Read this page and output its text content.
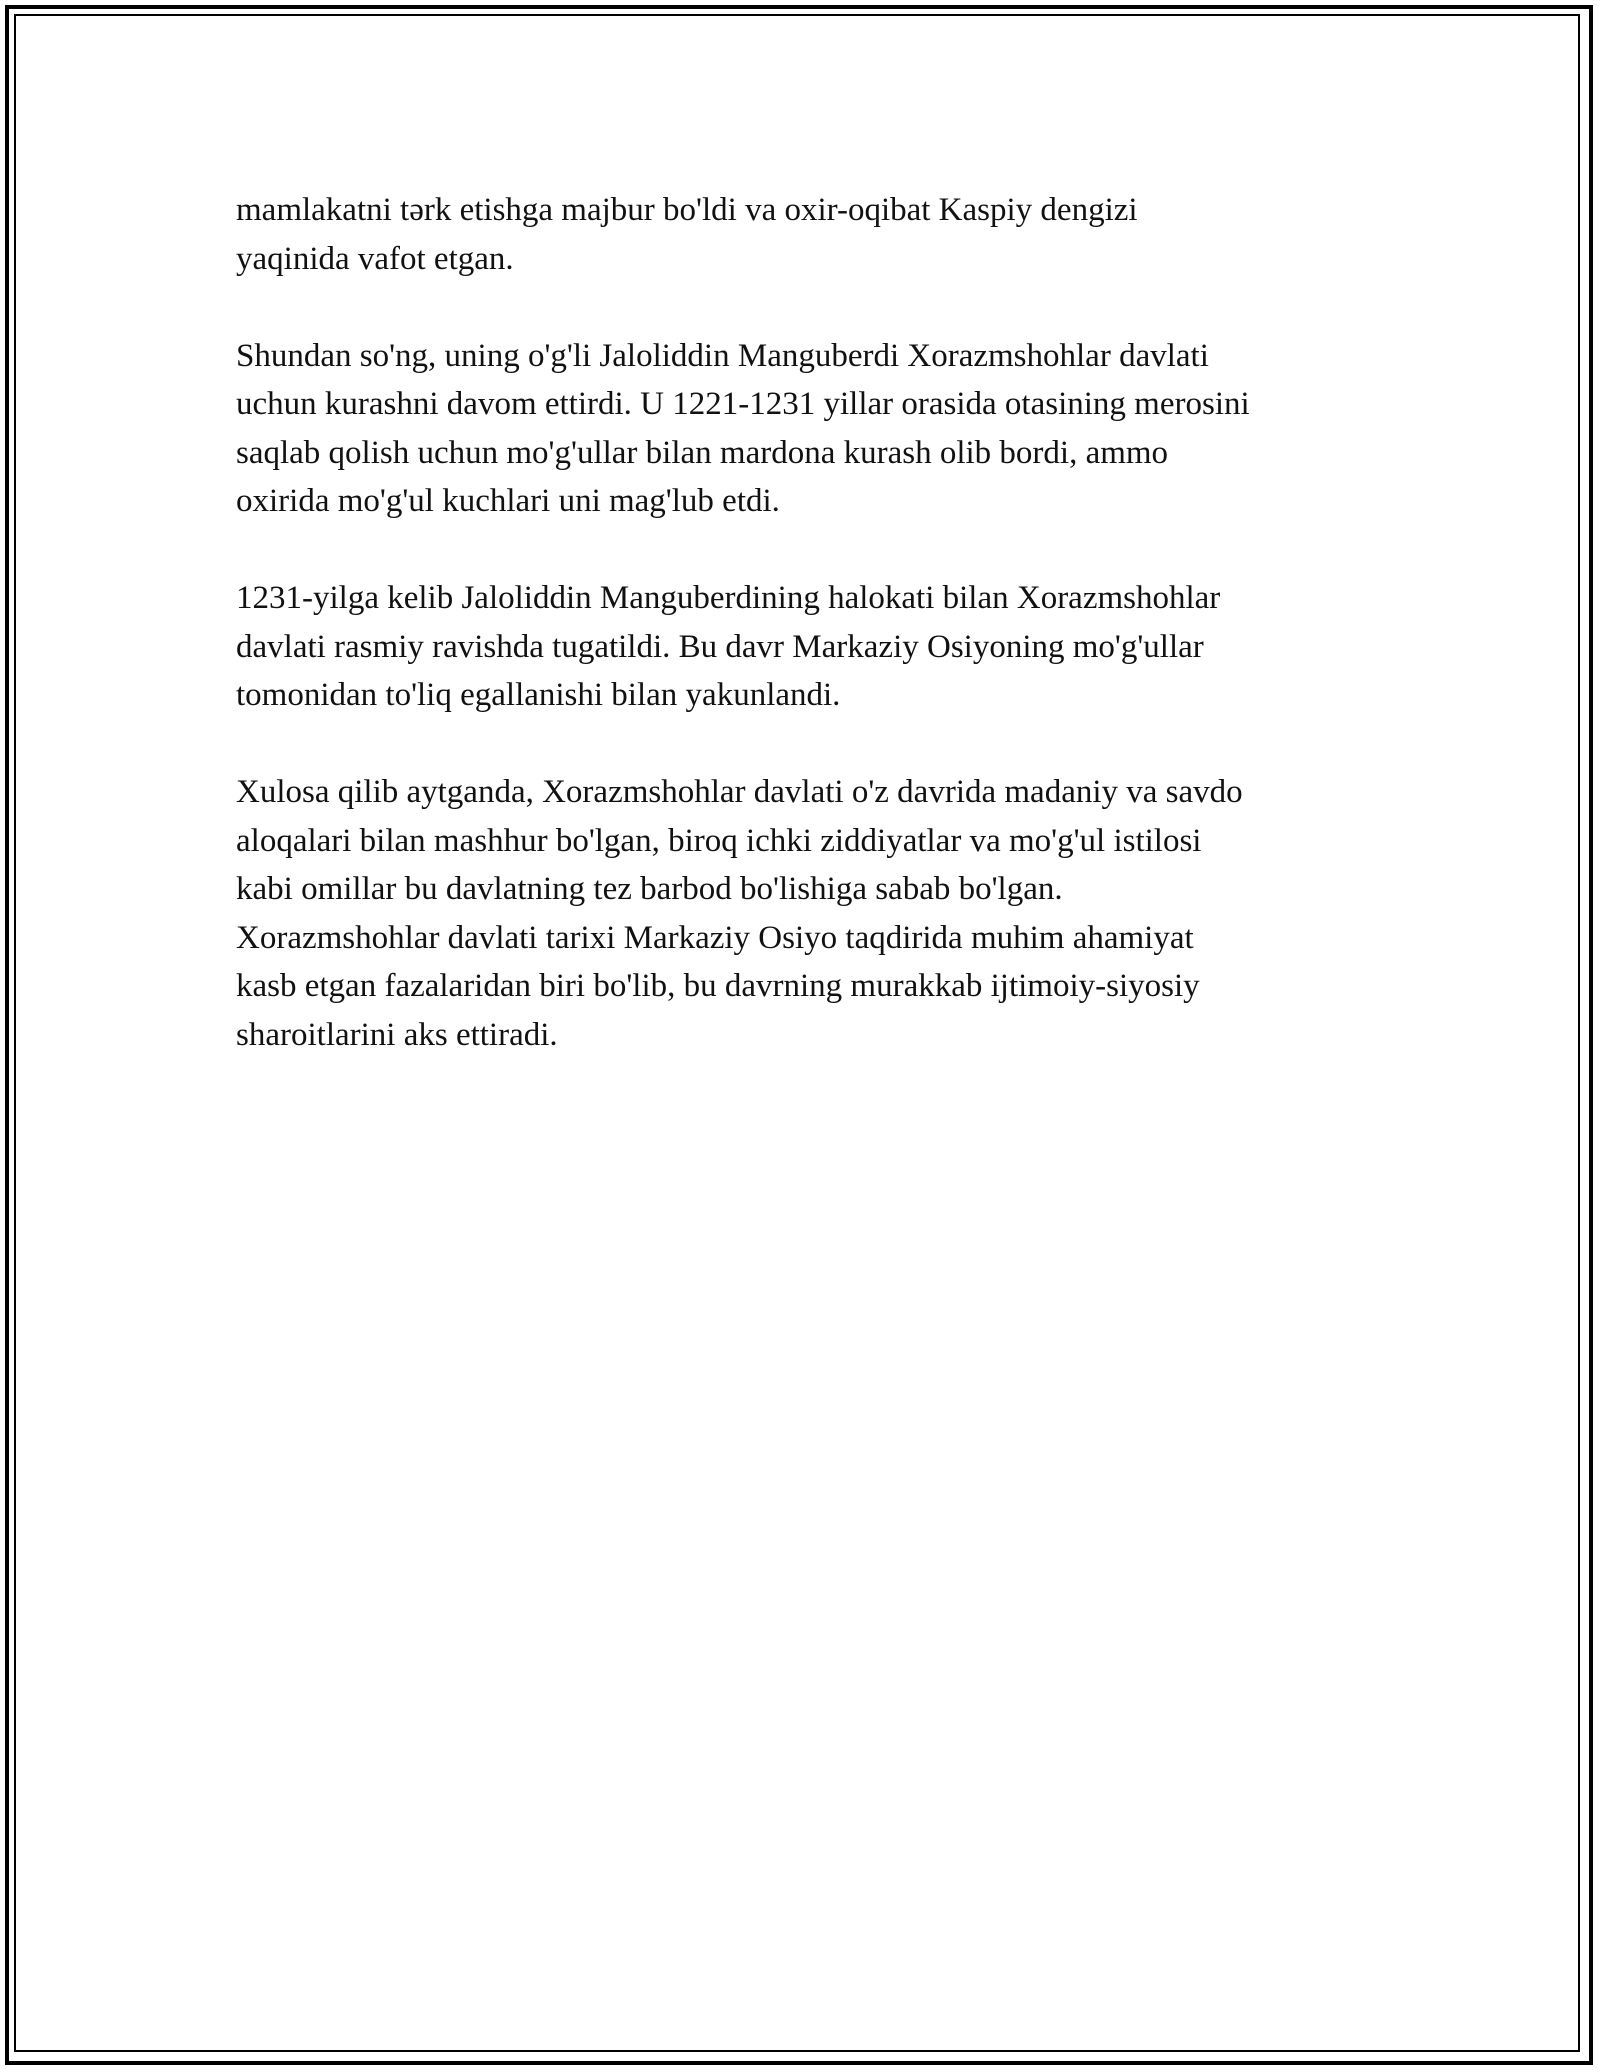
mamlakatni tərk etishga majbur bo'ldi va oxir-oqibat Kaspiy dengizi
yaqinida vafot etgan.

Shundan so'ng, uning o'g'li Jaloliddin Manguberdi Xorazmshohlar davlati
uchun kurashni davom ettirdi. U 1221-1231 yillar orasida otasining merosini
saqlab qolish uchun mo'g'ullar bilan mardona kurash olib bordi, ammo
oxirida mo'g'ul kuchlari uni mag'lub etdi.

1231-yilga kelib Jaloliddin Manguberdining halokati bilan Xorazmshohlar
davlati rasmiy ravishda tugatildi. Bu davr Markaziy Osiyoning mo'g'ullar
tomonidan to'liq egallanishi bilan yakunlandi.

Xulosa qilib aytganda, Xorazmshohlar davlati o'z davrida madaniy va savdo
aloqalari bilan mashhur bo'lgan, biroq ichki ziddiyatlar va mo'g'ul istilosi
kabi omillar bu davlatning tez barbod bo'lishiga sabab bo'lgan.
Xorazmshohlar davlati tarixi Markaziy Osiyo taqdirida muhim ahamiyat
kasb etgan fazalaridan biri bo'lib, bu davrning murakkab ijtimoiy-siyosiy
sharoitlarini aks ettiradi.
